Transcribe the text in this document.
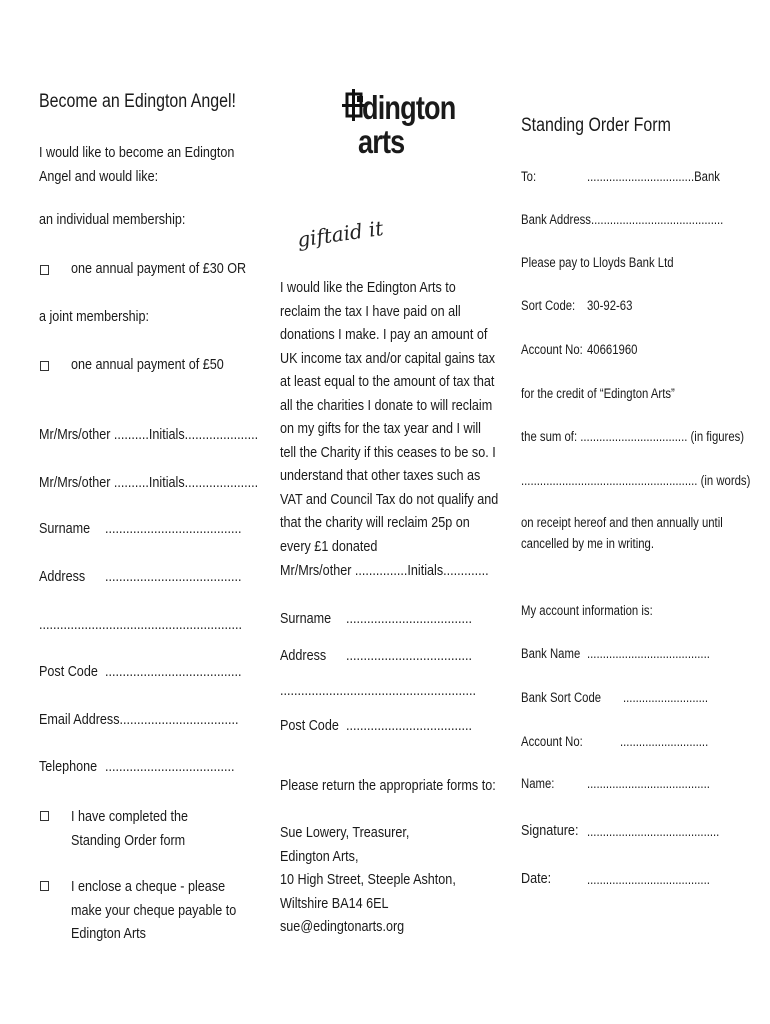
Become an Edington Angel!
I would like to become an Edington Angel and would like:
an individual membership:
one annual payment of £30 OR
a joint membership:
one annual payment of £50
Mr/Mrs/other ..........Initials.....................
Mr/Mrs/other ..........Initials.....................
Surname .......................................
Address .......................................
..........................................................
Post Code .......................................
Email Address..................................
Telephone .....................................
I have completed the Standing Order form
I enclose a cheque - please make your cheque payable to Edington Arts
dington
arts
giftaid it
I would like the Edington Arts to reclaim the tax I have paid on all donations I make. I pay an amount of UK income tax and/or capital gains tax at least equal to the amount of tax that all the charities I donate to will reclaim on my gifts for the tax year and I will tell the Charity if this ceases to be so. I understand that other taxes such as VAT and Council Tax do not qualify and that the charity will reclaim 25p on every £1 donated
Mr/Mrs/other ...............Initials.............
Surname ....................................
Address ....................................
........................................................
Post Code ....................................
Please return the appropriate forms to:
Sue Lowery, Treasurer,
Edington Arts,
10 High Street, Steeple Ashton,
Wiltshire BA14 6EL
sue@edingtonarts.org
Standing Order Form
To:	..................................Bank
Bank Address..........................................
Please pay to Lloyds Bank Ltd
Sort Code: 30-92-63
Account No: 40661960
for the credit of “Edington Arts”
the sum of: .................................. (in figures)
........................................................ (in words)
on receipt hereof and then annually until cancelled by me in writing.
My account information is:
Bank Name .......................................
Bank Sort Code ...........................
Account No:	............................
Name: .......................................
Signature: ..........................................
Date:	.......................................
